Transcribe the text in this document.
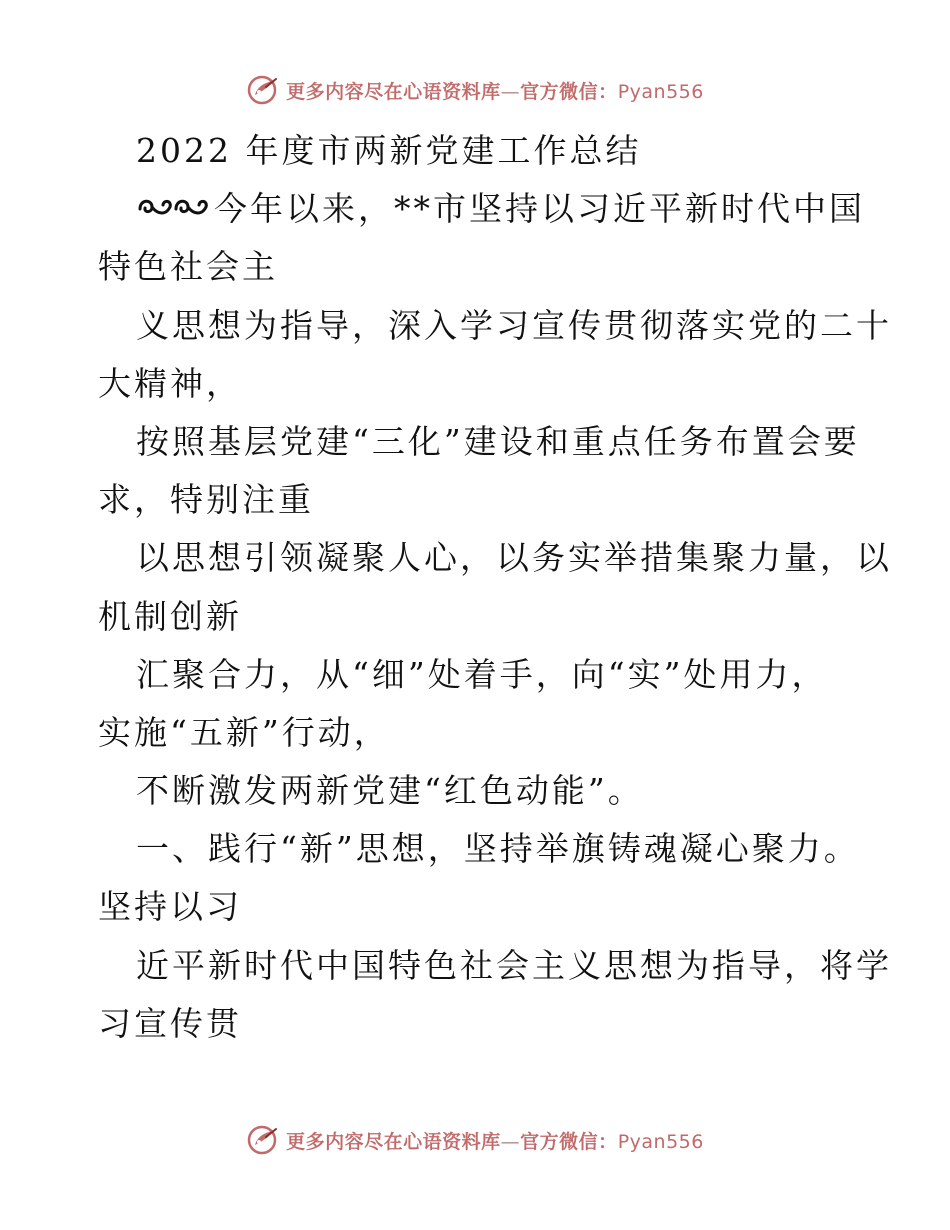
更多内容尽在心语资料库—官方微信：Pyan556
2022 年度市两新党建工作总结
今年以来，**市坚持以习近平新时代中国
特色社会主
义思想为指导，深入学习宣传贯彻落实党的二十
大精神，
按照基层党建“三化”建设和重点任务布置会要
求，特别注重
以思想引领凝聚人心，以务实举措集聚力量，以
机制创新
汇聚合力，从“细”处着手，向“实”处用力，
实施“五新”行动，
不断激发两新党建“红色动能”。
一、践行“新”思想，坚持举旗铸魂凝心聚力。
坚持以习
近平新时代中国特色社会主义思想为指导，将学
习宣传贯
更多内容尽在心语资料库—官方微信：Pyan556
